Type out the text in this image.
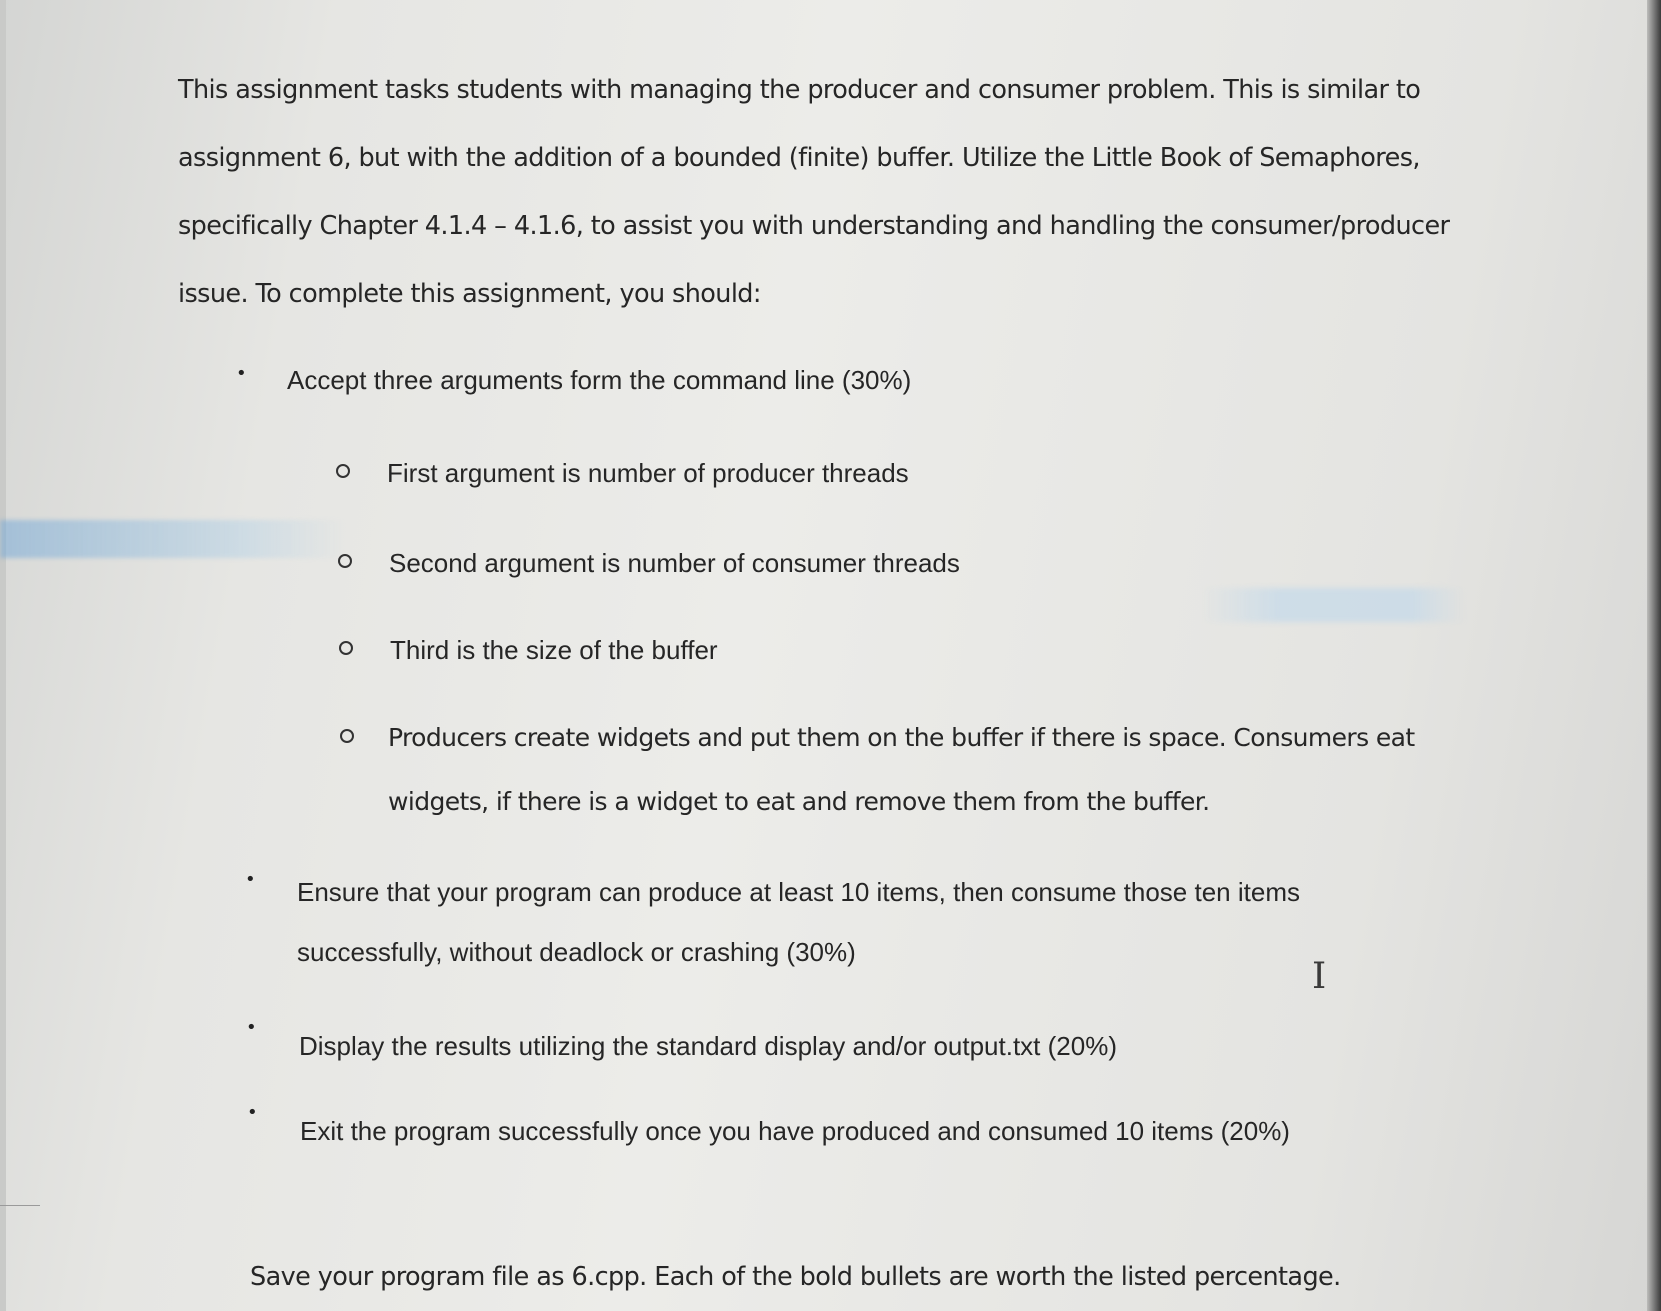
This assignment tasks students with managing the producer and consumer problem. This is similar to
assignment 6, but with the addition of a bounded (finite) buffer. Utilize the Little Book of Semaphores,
specifically Chapter 4.1.4 – 4.1.6, to assist you with understanding and handling the consumer/producer
issue. To complete this assignment, you should:
• Accept three arguments form the command line (30%)
First argument is number of producer threads
Second argument is number of consumer threads
Third is the size of the buffer
Producers create widgets and put them on the buffer if there is space. Consumers eat
widgets, if there is a widget to eat and remove them from the buffer.
• Ensure that your program can produce at least 10 items, then consume those ten items
successfully, without deadlock or crashing (30%)
•
Display the results utilizing the standard display and/or output.txt (20%)
•
Exit the program successfully once you have produced and consumed 10 items (20%)
Save your program file as 6.cpp. Each of the bold bullets are worth the listed percentage.
I
